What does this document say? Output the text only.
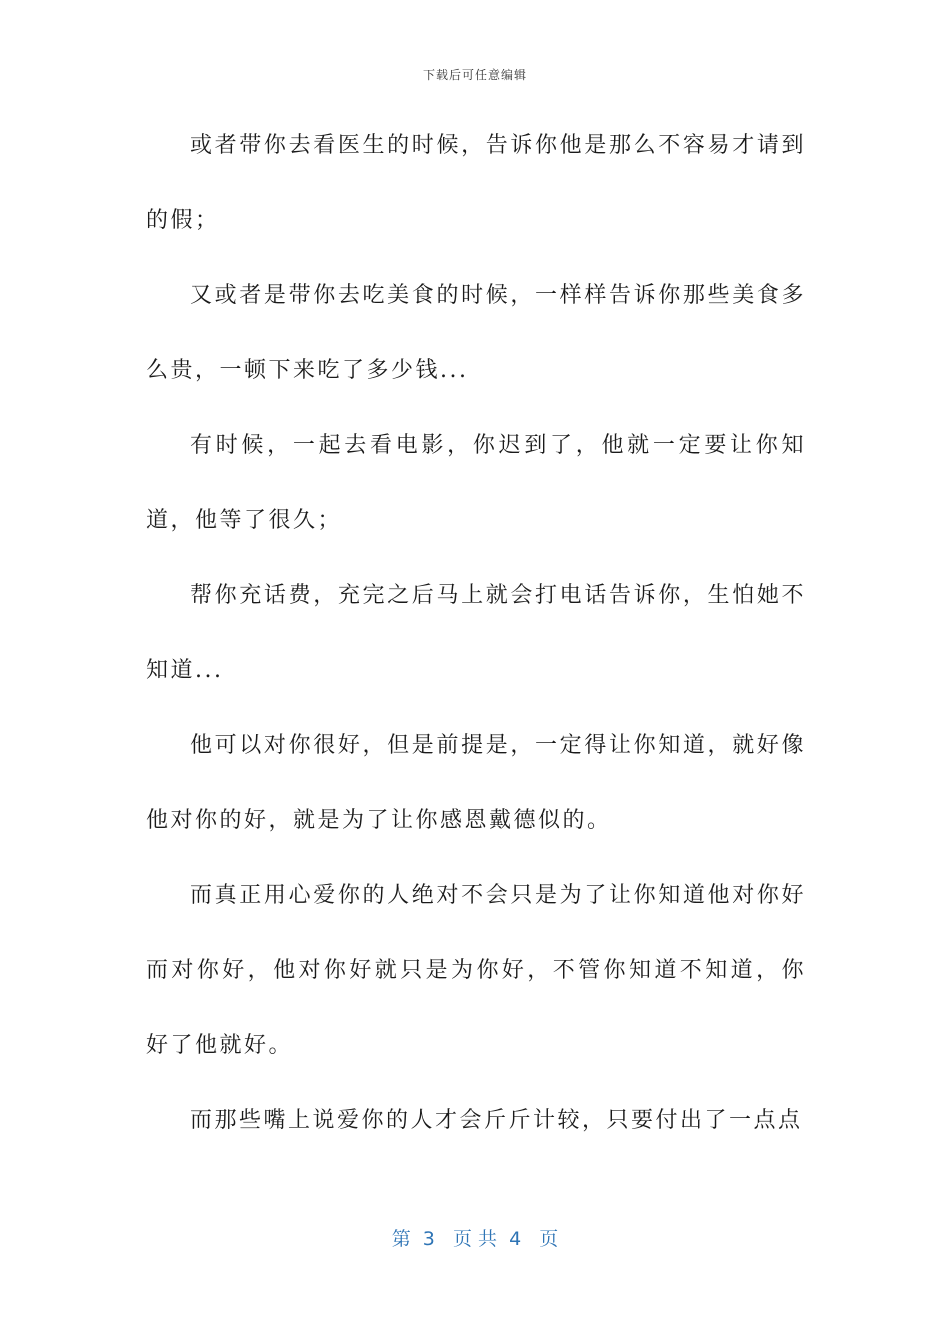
下载后可任意编辑

或者带你去看医生的时候，告诉你他是那么不容易才请到的假；

又或者是带你去吃美食的时候，一样样告诉你那些美食多么贵，一顿下来吃了多少钱...

有时候，一起去看电影，你迟到了，他就一定要让你知道，他等了很久；

帮你充话费，充完之后马上就会打电话告诉你，生怕她不知道...

他可以对你很好，但是前提是，一定得让你知道，就好像他对你的好，就是为了让你感恩戴德似的。

而真正用心爱你的人绝对不会只是为了让你知道他对你好而对你好，他对你好就只是为你好，不管你知道不知道，你好了他就好。

而那些嘴上说爱你的人才会斤斤计较，只要付出了一点点

第  3   页 共  4   页
